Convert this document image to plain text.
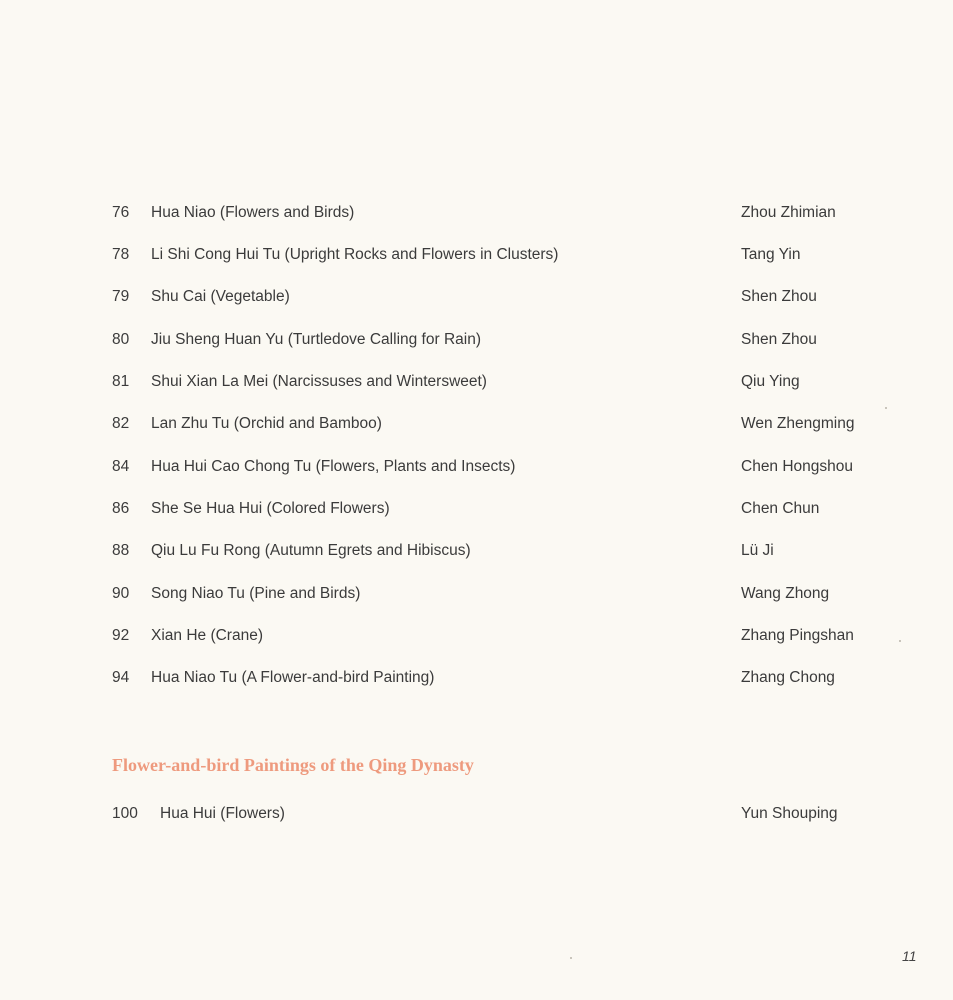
76 Hua Niao (Flowers and Birds)	Zhou Zhimian
78 Li Shi Cong Hui Tu (Upright Rocks and Flowers in Clusters)	Tang Yin
79 Shu Cai (Vegetable)	Shen Zhou
80 Jiu Sheng Huan Yu (Turtledove Calling for Rain)	Shen Zhou
81 Shui Xian La Mei (Narcissuses and Wintersweet)	Qiu Ying
82 Lan Zhu Tu (Orchid and Bamboo)	Wen Zhengming
84 Hua Hui Cao Chong Tu (Flowers, Plants and Insects)	Chen Hongshou
86 She Se Hua Hui (Colored Flowers)	Chen Chun
88 Qiu Lu Fu Rong (Autumn Egrets and Hibiscus)	Lü Ji
90 Song Niao Tu (Pine and Birds)	Wang Zhong
92 Xian He (Crane)	Zhang Pingshan
94 Hua Niao Tu (A Flower-and-bird Painting)	Zhang Chong
Flower-and-bird Paintings of the Qing Dynasty
100 Hua Hui (Flowers)	Yun Shouping
11
